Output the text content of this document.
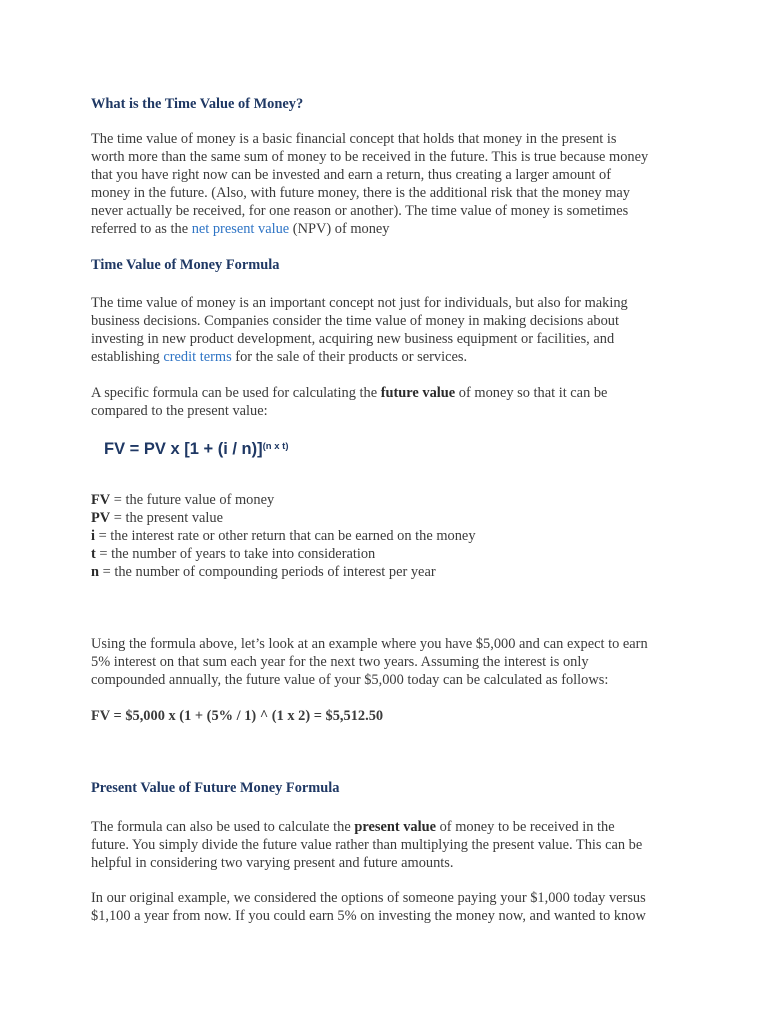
What is the Time Value of Money?
The time value of money is a basic financial concept that holds that money in the present is
worth more than the same sum of money to be received in the future. This is true because money
that you have right now can be invested and earn a return, thus creating a larger amount of
money in the future. (Also, with future money, there is the additional risk that the money may
never actually be received, for one reason or another). The time value of money is sometimes
referred to as the net present value (NPV) of money
Time Value of Money Formula
The time value of money is an important concept not just for individuals, but also for making
business decisions. Companies consider the time value of money in making decisions about
investing in new product development, acquiring new business equipment or facilities, and
establishing credit terms for the sale of their products or services.
A specific formula can be used for calculating the future value of money so that it can be
compared to the present value:
FV = PV x $[1 + (i / n)]^{(n x t)}$
FV = the future value of money
PV = the present value
i = the interest rate or other return that can be earned on the money
t = the number of years to take into consideration
n = the number of compounding periods of interest per year
Using the formula above, let’s look at an example where you have $5,000 and can expect to earn
5% interest on that sum each year for the next two years. Assuming the interest is only
compounded annually, the future value of your $5,000 today can be calculated as follows:
FV = $5,000 x (1 + (5% / 1) ^ (1 x 2) = $5,512.50
Present Value of Future Money Formula
The formula can also be used to calculate the present value of money to be received in the
future. You simply divide the future value rather than multiplying the present value. This can be
helpful in considering two varying present and future amounts.
In our original example, we considered the options of someone paying your $1,000 today versus
$1,100 a year from now. If you could earn 5% on investing the money now, and wanted to know
